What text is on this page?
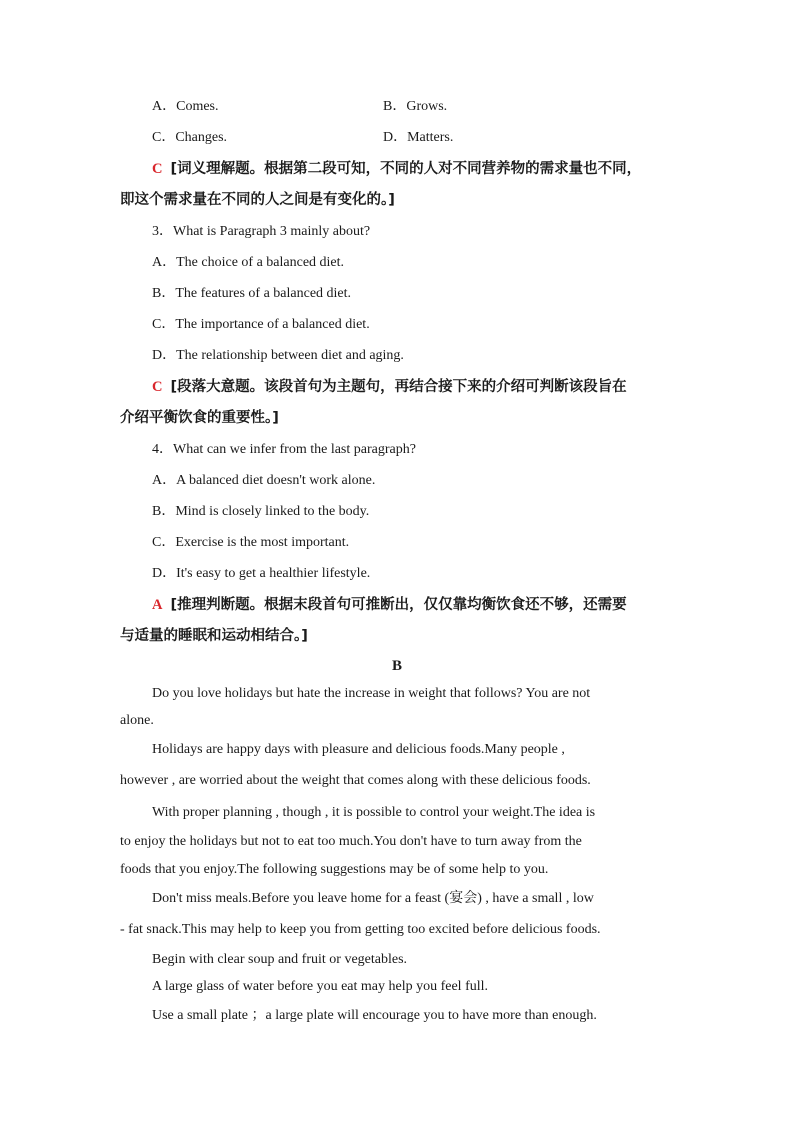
A．Comes.	B．Grows.
C．Changes.	D．Matters.
C [词义理解题。根据第二段可知，不同的人对不同营养物的需求量也不同，
即这个需求量在不同的人之间是有变化的。]
3．What is Paragraph 3 mainly about?
A．The choice of a balanced diet.
B．The features of a balanced diet.
C．The importance of a balanced diet.
D．The relationship between diet and aging.
C [段落大意题。该段首句为主题句，再结合接下来的介绍可判断该段旨在
介绍平衡饮食的重要性。]
4．What can we infer from the last paragraph?
A．A balanced diet doesn't work alone.
B．Mind is closely linked to the body.
C．Exercise is the most important.
D．It's easy to get a healthier lifestyle.
A [推理判断题。根据末段首句可推断出，仅仅靠均衡饮食还不够，还需要
与适量的睡眠和运动相结合。]
B
Do you love holidays but hate the increase in weight that follows? You are not
alone.
Holidays are happy days with pleasure and delicious foods.Many people ,
however , are worried about the weight that comes along with these delicious foods.
With proper planning , though , it is possible to control your weight.The idea is
to enjoy the holidays but not to eat too much.You don't have to turn away from the
foods that you enjoy.The following suggestions may be of some help to you.
Don't miss meals.Before you leave home for a feast (宴会) , have a small , low
- fat snack.This may help to keep you from getting too excited before delicious foods.
Begin with clear soup and fruit or vegetables.
A large glass of water before you eat may help you feel full.
Use a small plate ；a large plate will encourage you to have more than enough.
